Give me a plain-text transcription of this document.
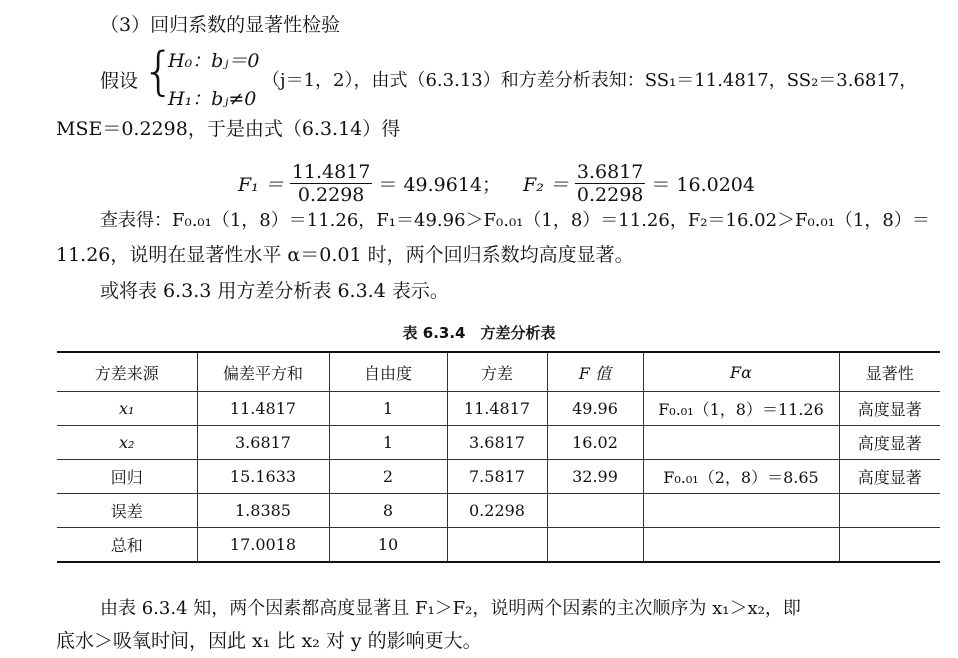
（3）回归系数的显著性检验
假设 {
H₀：bⱼ＝0
H₁：bⱼ≠0
（j＝1，2），由式（6.3.13）和方差分析表知：SS₁＝11.4817，SS₂＝3.6817，
MSE＝0.2298，于是由式（6.3.14）得
$F_1 = \frac{11.4817}{0.2298} = 49.9614$； $F_2 = \frac{3.6817}{0.2298} = 16.0204$
查表得：F₀.₀₁（1，8）＝11.26，F₁＝49.96＞F₀.₀₁（1，8）＝11.26，F₂＝16.02＞F₀.₀₁（1，8）＝
11.26，说明在显著性水平 α＝0.01 时，两个回归系数均高度显著。
或将表 6.3.3 用方差分析表 6.3.4 表示。
表 6.3.4　方差分析表
方差来源	偏差平方和	自由度	方差	F 值	Fα	显著性
x₁	11.4817	1	11.4817	49.96	F₀.₀₁（1，8）＝11.26	高度显著
x₂	3.6817	1	3.6817	16.02		高度显著
回归	15.1633	2	7.5817	32.99	F₀.₀₁（2，8）＝8.65	高度显著
误差	1.8385	8	0.2298			
总和	17.0018	10				
由表 6.3.4 知，两个因素都高度显著且 F₁＞F₂，说明两个因素的主次顺序为 x₁＞x₂，即
底水＞吸氧时间，因此 x₁ 比 x₂ 对 y 的影响更大。
